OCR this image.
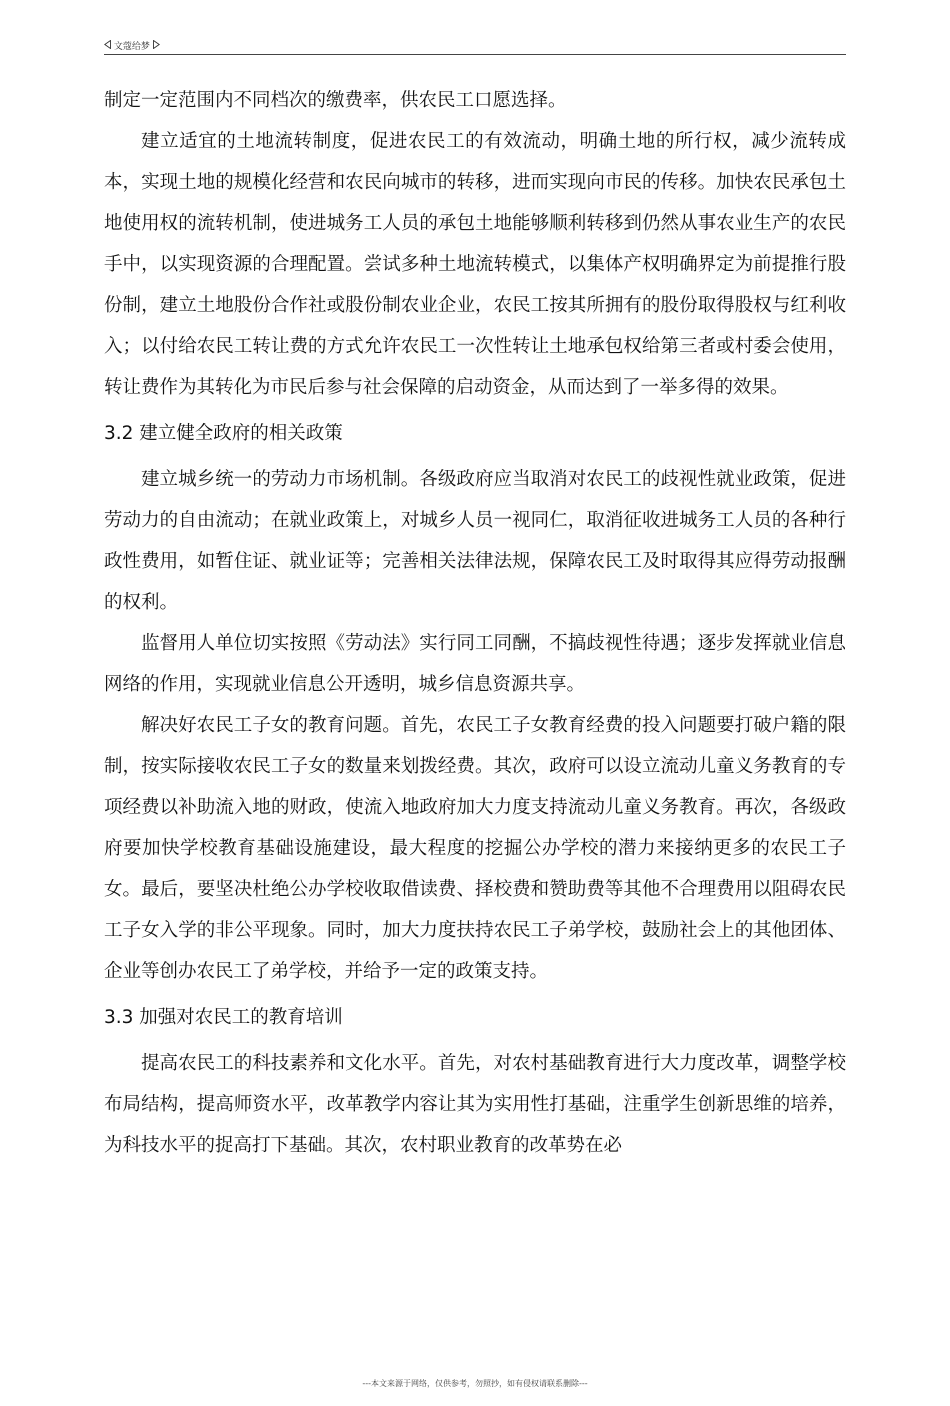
文蔻给梦

制定一定范围内不同档次的缴费率，供农民工口愿选择。

建立适宜的土地流转制度，促进农民工的有效流动，明确土地的所行权，减少流转成本，实现土地的规模化经营和农民向城市的转移，进而实现向市民的传移。加快农民承包土地使用权的流转机制，使进城务工人员的承包土地能够顺利转移到仍然从事农业生产的农民手中，以实现资源的合理配置。尝试多种土地流转模式，以集体产权明确界定为前提推行股份制，建立土地股份合作社或股份制农业企业，农民工按其所拥有的股份取得股权与红利收入；以付给农民工转让费的方式允许农民工一次性转让土地承包权给第三者或村委会使用，转让费作为其转化为市民后参与社会保障的启动资金，从而达到了一举多得的效果。

3.2 建立健全政府的相关政策

建立城乡统一的劳动力市场机制。各级政府应当取消对农民工的歧视性就业政策，促进劳动力的自由流动；在就业政策上，对城乡人员一视同仁，取消征收进城务工人员的各种行政性费用，如暂住证、就业证等；完善相关法律法规，保障农民工及时取得其应得劳动报酬的权利。

监督用人单位切实按照《劳动法》实行同工同酬，不搞歧视性待遇；逐步发挥就业信息网络的作用，实现就业信息公开透明，城乡信息资源共享。

解决好农民工子女的教育问题。首先，农民工子女教育经费的投入问题要打破户籍的限制，按实际接收农民工子女的数量来划拨经费。其次，政府可以设立流动儿童义务教育的专项经费以补助流入地的财政，使流入地政府加大力度支持流动儿童义务教育。再次，各级政府要加快学校教育基础设施建设，最大程度的挖掘公办学校的潜力来接纳更多的农民工子女。最后，要坚决杜绝公办学校收取借读费、择校费和赞助费等其他不合理费用以阻碍农民工子女入学的非公平现象。同时，加大力度扶持农民工子弟学校，鼓励社会上的其他团体、企业等创办农民工了弟学校，并给予一定的政策支持。

3.3 加强对农民工的教育培训

提高农民工的科技素养和文化水平。首先，对农村基础教育进行大力度改革，调整学校布局结构，提高师资水平，改革教学内容让其为实用性打基础，注重学生创新思维的培养，为科技水平的捉高打下基础。其次，农村职业教育的改革势在必

---本文来源于网络，仅供参考，勿照抄，如有侵权请联系删除---
